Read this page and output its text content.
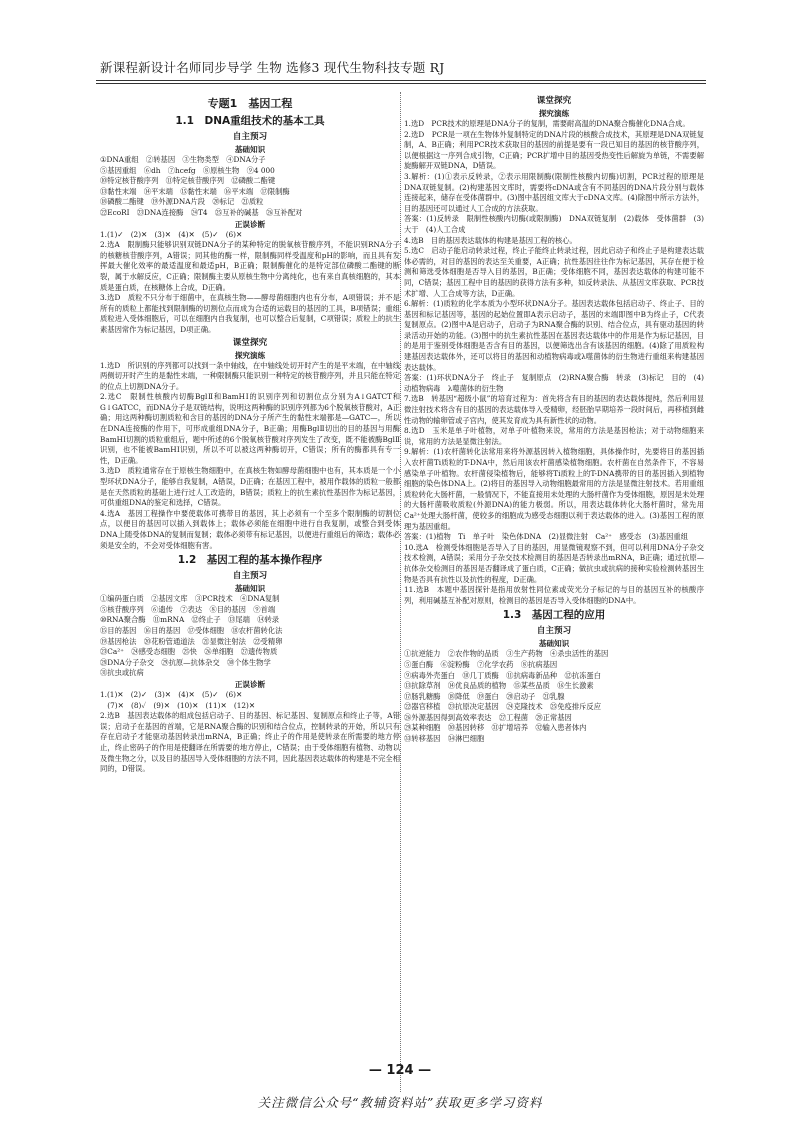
新课程新设计名师同步导学 生物 选修3 现代生物科技专题 RJ
专题1　基因工程
1.1　DNA重组技术的基本工具
自主预习
基础知识

①DNA重组　②转基因　③生物类型　④DNA分子

⑤基因重组　⑥dh　⑦hcefg　⑧原核生物　⑨4 000

⑩特定核苷酸序列　⑪特定核苷酸序列　⑫磷酸二酯键

⑬黏性末端　⑭平末端　⑮黏性末端　⑯平末端　⑰限制酶

⑱磷酸二酯键　⑲外源DNA片段　⑳标记　㉑质粒

㉒EcoRⅠ　㉓DNA连接酶　㉔T4　㉕互补的碱基　㉖互补配对

正误诊断
1.(1)✓　(2)✕　(3)✕　(4)✕　(5)✓　(6)✕
2.选A　限制酶只能够识别双链DNA分子的某种特定的脱氧核苷酸序列，不能识别RNA分子的核糖核苷酸序列，A错误；同其他的酶一样，限制酶同样受温度和pH的影响，而且具有发挥最大催化效率的最适温度和最适pH，B正确；限制酶催化的是特定部位磷酸二酯键的断裂，属于水解反应，C正确；限制酶主要从原核生物中分离纯化，也有来自真核细胞的，其本质是蛋白质，在核糖体上合成，D正确。
3.选D　质粒不只分布于细菌中，在真核生物——酵母菌细胞内也有分布，A项错误；并不是所有的质粒上都能找到限制酶的切割位点而成为合适的运载目的基因的工具，B项错误；重组质粒进入受体细胞后，可以在细胞内自我复制，也可以整合后复制，C项错误；质粒上的抗生素基因常作为标记基因，D项正确。
课堂探究
探究演练
1.选D　所识别的序列都可以找到一条中轴线，在中轴线处切开时产生的是平末端，在中轴线两侧切开时产生的是黏性末端，一种限制酶只能识别一种特定的核苷酸序列，并且只能在特定的位点上切割DNA分子。
2.选C　限制性核酸内切酶BglⅡ和BamHⅠ的识别序列和切割位点分别为A↓GATCT和G↓GATCC，而DNA分子是双链结构，说明这两种酶的识别序列都为6个脱氧核苷酸对，A正确；用这两种酶切割质粒和含目的基因的DNA分子所产生的黏性末端都是—GATC—，所以在DNA连接酶的作用下，可形成重组DNA分子，B正确；用酶BglⅡ切出的目的基因与用酶BamHⅠ切割的质粒重组后，题中所述的6个脱氧核苷酸对序列发生了改变，既不能被酶BglⅡ识别，也不能被BamHⅠ识别，所以不可以被这两种酶切开，C错误；所有的酶都具有专一性，D正确。
3.选D　质粒通常存在于原核生物细胞中，在真核生物如酵母菌细胞中也有，其本质是一个小型环状DNA分子，能够自我复制，A错误，D正确；在基因工程中，被用作载体的质粒一般都是在天然质粒的基础上进行过人工改造的，B错误；质粒上的抗生素抗性基因作为标记基因，可供重组DNA的鉴定和选择，C错误。
4.选A　基因工程操作中要使载体可携带目的基因，其上必须有一个至多个限制酶的切割位点，以便目的基因可以插入到载体上；载体必须能在细胞中进行自我复制，或整合到受体DNA上随受体DNA的复制而复制；载体必须带有标记基因，以便进行重组后的筛选；载体必须是安全的，不会对受体细胞有害。
1.2　基因工程的基本操作程序
自主预习
基础知识

①编码蛋白质　②基因文库　③PCR技术　④DNA复制

⑤核苷酸序列　⑥遗传　⑦表达　⑧目的基因　⑨首端

⑩RNA聚合酶　⑪mRNA　⑫终止子　⑬尾端　⑭转录

⑮目的基因　⑯目的基因　⑰受体细胞　⑱农杆菌转化法

⑲基因枪法　⑳花粉管通道法　㉑显微注射法　㉒受精卵

㉓Ca²⁺　㉔感受态细胞　㉕快　㉖单细胞　㉗遗传物质

㉘DNA分子杂交　㉙抗原—抗体杂交　㉚个体生物学

㉛抗虫或抗病

正误诊断
1.(1)✕　(2)✓　(3)✕　(4)✕　(5)✓　(6)✕
　(7)✕　(8)✓　(9)✕　(10)✕　(11)✕　(12)✕
2.选B　基因表达载体的组成包括启动子、目的基因、标记基因、复制原点和终止子等，A错误；启动子在基因的首端，它是RNA聚合酶的识别和结合位点，控制转录的开始，所以只有存在启动子才能驱动基因转录出mRNA，B正确；终止子的作用是使转录在所需要的地方停止，终止密码子的作用是使翻译在所需要的地方停止，C错误；由于受体细胞有植物、动物以及微生物之分，以及目的基因导入受体细胞的方法不同，因此基因表达载体的构建是不完全相同的，D错误。
课堂探究
探究演练
1.选D　PCR技术的原理是DNA分子的复制，需要耐高温的DNA聚合酶催化DNA合成。
2.选D　PCR是一项在生物体外复制特定的DNA片段的核酸合成技术，其原理是DNA双链复制，A、B正确；利用PCR技术获取目的基因的前提是要有一段已知目的基因的核苷酸序列，以便根据这一序列合成引物，C正确；PCR扩增中目的基因受热变性后解旋为单链，不需要解旋酶解开双链DNA，D错误。
3.解析：(1)①表示反转录，②表示用限制酶(限制性核酸内切酶)切割，PCR过程的原理是DNA双链复制。(2)构建基因文库时，需要将cDNA或含有不同基因的DNA片段分别与载体连接起来，储存在受体菌群中。(3)图中基因组文库大于cDNA文库。(4)除图中所示方法外，目的基因还可以通过人工合成的方法获取。
答案：(1)反转录　限制性核酸内切酶(或限制酶)　DNA双链复制　(2)载体　受体菌群　(3)大于　(4)人工合成
4.选B　目的基因表达载体的构建是基因工程的核心。
5.选C　启动子能启动转录过程，终止子能终止转录过程，因此启动子和终止子是构建表达载体必需的，对目的基因的表达至关重要，A正确；抗性基因往往作为标记基因，其存在便于检测和筛选受体细胞是否导入目的基因，B正确；受体细胞不同，基因表达载体的构建可能不同，C错误；基因工程中目的基因的获得方法有多种，如反转录法、从基因文库获取、PCR技术扩增、人工合成等方法，D正确。
6.解析：(1)质粒的化学本质为小型环状DNA分子。基因表达载体包括启动子、终止子、目的基因和标记基因等，基因的起始位置即A表示启动子，基因的末端即图中B为终止子，C代表复制原点。(2)图中A是启动子，启动子为RNA聚合酶的识别、结合位点，具有驱动基因的转录活动开始的功能。(3)图中的抗生素抗性基因在基因表达载体中的作用是作为标记基因，目的是用于鉴别受体细胞是否含有目的基因，以便筛选出含有该基因的细胞。(4)除了用质粒构建基因表达载体外，还可以将目的基因和动植物病毒或λ噬菌体的衍生物进行重组来构建基因表达载体。
答案：(1)环状DNA分子　终止子　复制原点　(2)RNA聚合酶　转录　(3)标记　目的　(4)动植物病毒　λ噬菌体的衍生物
7.选B　转基因“超级小鼠”的培育过程为：首先将含有目的基因的表达载体提纯，然后利用显微注射技术将含有目的基因的表达载体导入受精卵，经胚胎早期培养一段时间后，再移植到雌性动物的输卵管或子宫内，使其发育成为具有新性状的动物。
8.选D　玉米是单子叶植物，对单子叶植物来说，常用的方法是基因枪法；对于动物细胞来说，常用的方法是显微注射法。
9.解析：(1)农杆菌转化法常用来将外源基因转入植物细胞，具体操作时，先要将目的基因插入农杆菌Ti质粒的T-DNA中，然后用该农杆菌感染植物细胞。农杆菌在自然条件下，不容易感染单子叶植物。农杆菌侵染植物后，能够将Ti质粒上的T-DNA携带的目的基因插入到植物细胞的染色体DNA上。(2)将目的基因导入动物细胞最常用的方法是显微注射技术。若用重组质粒转化大肠杆菌，一般情况下，不能直接用未处理的大肠杆菌作为受体细胞，原因是未处理的大肠杆菌吸收质粒(外源DNA)的能力极弱。所以，用表达载体转化大肠杆菌时，常先用Ca²⁺处理大肠杆菌，使较多的细胞成为感受态细胞以利于表达载体的进入。(3)基因工程的原理为基因重组。
答案：(1)植物　Ti　单子叶　染色体DNA　(2)显微注射　Ca²⁺　感受态　(3)基因重组
10.选A　检测受体细胞是否导入了目的基因，用显微镜观察不到，但可以利用DNA分子杂交技术检测，A错误；采用分子杂交技术检测目的基因是否转录出mRNA，B正确；通过抗原—抗体杂交检测目的基因是否翻译成了蛋白质，C正确；做抗虫或抗病的接种实验检测转基因生物是否具有抗性以及抗性的程度，D正确。
11.选B　本题中基因探针是指用放射性同位素或荧光分子标记的与目的基因互补的核酸序列，利用碱基互补配对原则，检测目的基因是否导入受体细胞的DNA中。
1.3　基因工程的应用
自主预习
基础知识

①抗逆能力　②农作物的品质　③生产药物　④杀虫活性的基因

⑤蛋白酶　⑥淀粉酶　⑦化学农药　⑧抗病基因

⑨病毒外壳蛋白　⑩几丁质酶　⑪抗病毒新品种　⑫抗冻蛋白

⑬抗除草剂　⑭优良品质的植物　⑮某些品质　⑯生长激素

⑰肠乳糖酶　⑱降低　⑲蛋白　⑳启动子　㉑乳腺

㉒器官移植　㉓抗原决定基因　㉔克隆技术　㉕免疫排斥反应

㉖外源基因得到高效率表达　㉗工程菌　㉘正常基因

㉙某种细胞　㉚基因转移　㉛扩增培养　㉜输入患者体内

㉝转移基因　㉞淋巴细胞

— 124 —
关注微信公众号“教辅资料站”获取更多学习资料
